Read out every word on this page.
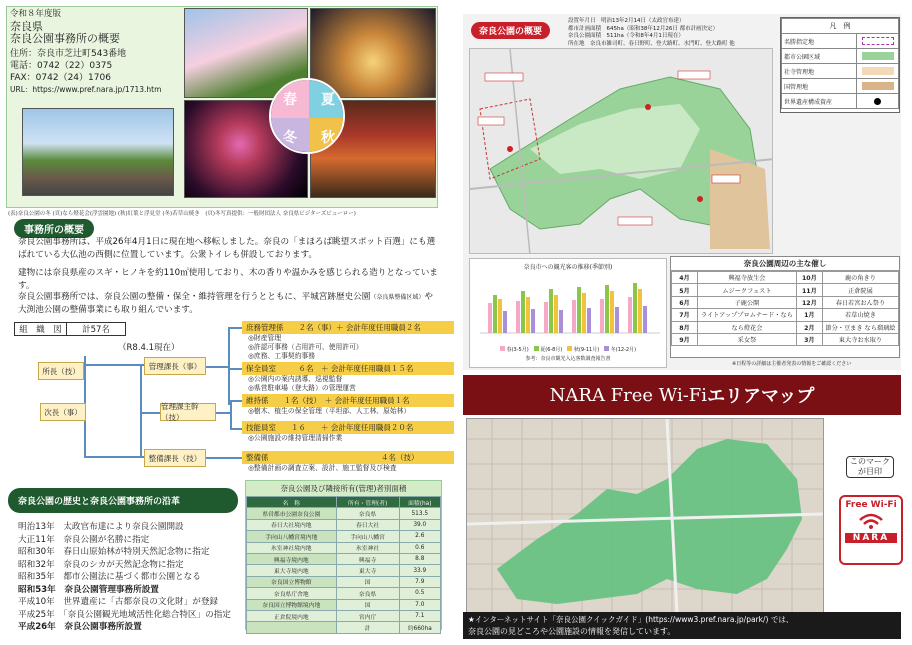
令和８年度版
奈良県
奈良公園事務所の概要
住所：奈良市芝辻町543番地
電話：0742（22）0375
FAX：0742（24）1706
URL：https://www.pref.nara.jp/1713.htm
春	夏
冬	秋
(表)奈良公園の冬 (頁)なら燈花会(浮雲園地) (秋)紅葉と浮見堂 (冬)若草山焼き　(頁)冬写真提供：一般財団法人 奈良県ビジターズビューロー)
事務所の概要
奈良公園事務所は、平成26年4月1日に現在地へ移転しました。奈良の「まほろば眺望スポット百選」にも選ばれている大仏池の西側に位置しています。公衆トイレも併設しております。
建物には奈良県産のスギ・ヒノキを約110㎥使用しており、木の香りや温かみを感じられる造りとなっています。
奈良公園事務所では、奈良公園の整備・保全・維持管理を行うとともに、平城宮跡歴史公園（奈良県整備区域）や
大渕池公園の整備事業にも取り組んでいます。
組　織　図	計57名
（R8.4.1現在）
所長（技）
次長（事）
管理課長（事）
管理課主幹（技）
整備課長（技）
庶務管理係　　２名（事）＋ 会計年度任用職員２名
◎財産管理
◎許認可事務（占用許可、使用許可）
◎庶務、工事契約事務
保全員室　　　６名　＋ 会計年度任用職員１５名
◎公園内の案内誘導、巡視監督
◎県営駐車場（登大路）の管理運営
維持係　　１名（技）　＋ 会計年度任用職員１名
◎樹木、植生の保全管理（平坦部、人工林、原始林）
技能員室　　１６　　＋ 会計年度任用職員２０名
◎公園施設の維持管理清掃作業
整備係　　　　　　　　　　　　　　　４名（技）
◎整備計画の調査立案、設計、施工監督及び検査
奈良公園の歴史と奈良公園事務所の沿革
明治13年　 太政官布達により奈良公園開設
大正11年　 奈良公園が名勝に指定
昭和30年　 春日山原始林が特別天然記念物に指定
昭和32年　 奈良のシカが天然記念物に指定
昭和35年　 都市公園法に基づく都市公園となる
昭和53年　 奈良公園管理事務所設置
平成10年　 世界遺産に「古都奈良の文化財」が登録
平成25年　 「奈良公園観光地域活性化総合特区」の指定
平成26年　 奈良公園事務所設置
奈良公園及び隣接所有(管理)者別面積
名　称	所有・管理(者)	面積(ha)
県営都市公園奈良公園	奈良県	513.5
春日大社境内地	春日大社	39.0
手向山八幡宮境内地	手向山八幡宮	2.6
氷室神社境内地	氷室神社	0.6
興福寺境内地	興福寺	8.8
東大寺境内地	東大寺	33.9
奈良国立博物館	国	7.9
奈良県庁舎地	奈良県	0.5
奈良国立博物館境内地	国	7.0
正倉院境内地	宮内庁	7.1
	計	約660ha
奈良公園の概要
設置年月日　明治13年2月14日（太政官布達）
都市計画面積　645ha（昭和38年12月26日 都市計画決定）
奈良公園面積　511ha（令和8年4月1日現在）
所在地　奈良市雑司町、春日野町、登大路町、水門町、登大路町 他
凡　例	
名勝指定地	

都市公園区域	

社寺管理地	

国管理地	

世界遺産構成資産	
奈良市への観光客の推移(季節別)
春(3-5月)	夏(6-8月)	秋(9-11月)	冬(12-2月)
参考：奈良市観光入込客数調査報告書
奈良公園周辺の主な催し
4月	興福寺放生会	10月	鹿の角きり
5月	ムジークフェスト	11月	正倉院展
6月	子鹿公開	12月	春日若宮おん祭り
7月	ライトアッププロムナード・なら	1月	若草山焼き
8月	なら燈花会	2月	節分・豆まき なら瑠璃絵
9月	采女祭	3月	東大寺お水取り
※日程等の詳細は主催者発表の情報をご確認ください
NARA Free Wi-Fi エリアマップ
このマークが目印
Free Wi-Fi
NARA
★インターネットサイト「奈良公園クイックガイド」(https://www3.pref.nara.jp/park/) では、
奈良公園の見どころや公園施設の情報を発信しています。
